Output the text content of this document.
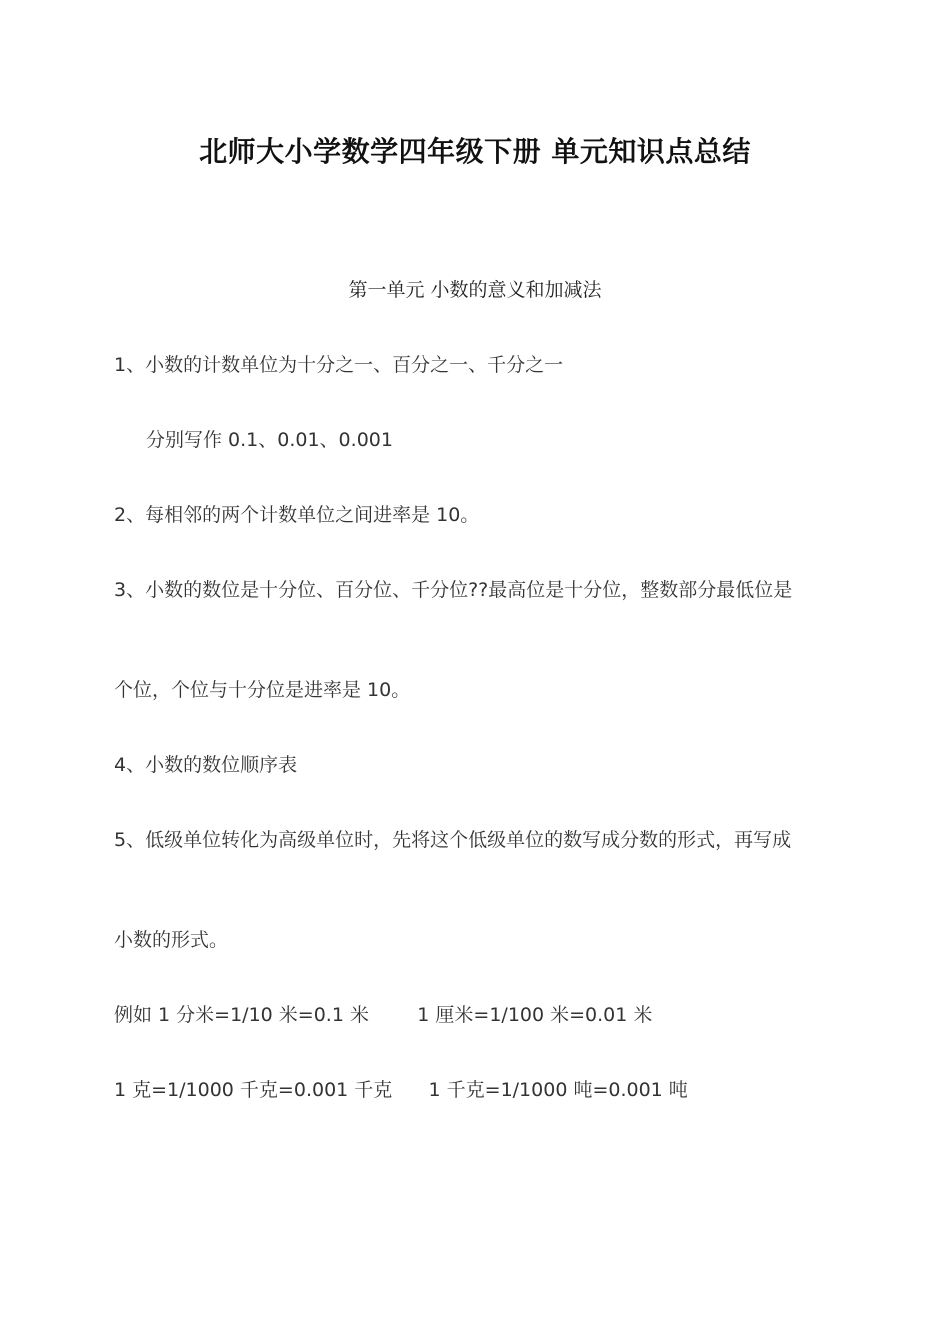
北师大小学数学四年级下册 单元知识点总结
第一单元 小数的意义和加减法
1、小数的计数单位为十分之一、百分之一、千分之一
分别写作 0.1、0.01、0.001
2、每相邻的两个计数单位之间进率是 10。
3、小数的数位是十分位、百分位、千分位??最高位是十分位，整数部分最低位是
个位，个位与十分位是进率是 10。
4、小数的数位顺序表
5、低级单位转化为高级单位时，先将这个低级单位的数写成分数的形式，再写成
小数的形式。
例如 1 分米=1/10 米=0.1 米        1 厘米=1/100 米=0.01 米
1 克=1/1000 千克=0.001 千克      1 千克=1/1000 吨=0.001 吨
